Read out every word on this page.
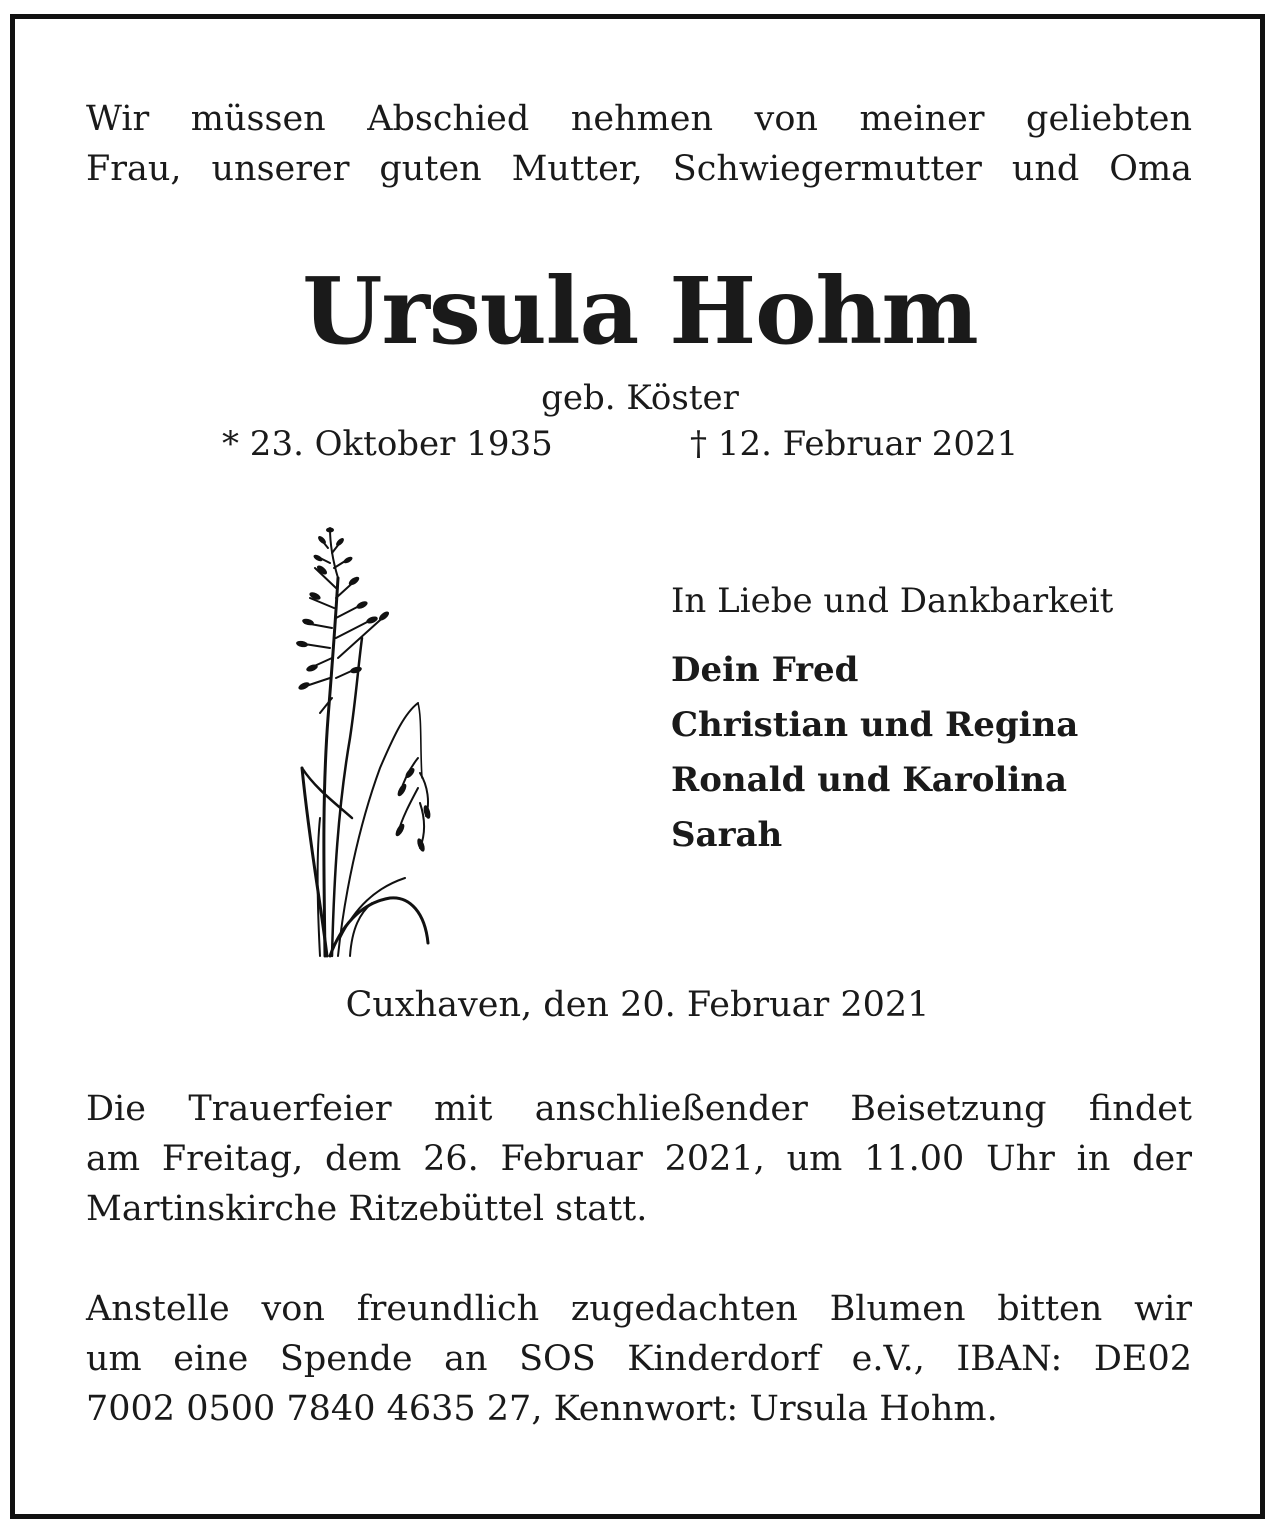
Wir müssen Abschied nehmen von meiner geliebten
Frau, unserer guten Mutter, Schwiegermutter und Oma
Ursula Hohm
geb. Köster
* 23. Oktober 1935	† 12. Februar 2021
In Liebe und Dankbarkeit
Dein Fred
Christian und Regina
Ronald und Karolina
Sarah
Cuxhaven, den 20. Februar 2021
Die Trauerfeier mit anschließender Beisetzung findet
am Freitag, dem 26. Februar 2021, um 11.00 Uhr in der
Martinskirche Ritzebüttel statt.
Anstelle von freundlich zugedachten Blumen bitten wir
um eine Spende an SOS Kinderdorf e.V., IBAN: DE02
7002 0500 7840 4635 27, Kennwort: Ursula Hohm.
